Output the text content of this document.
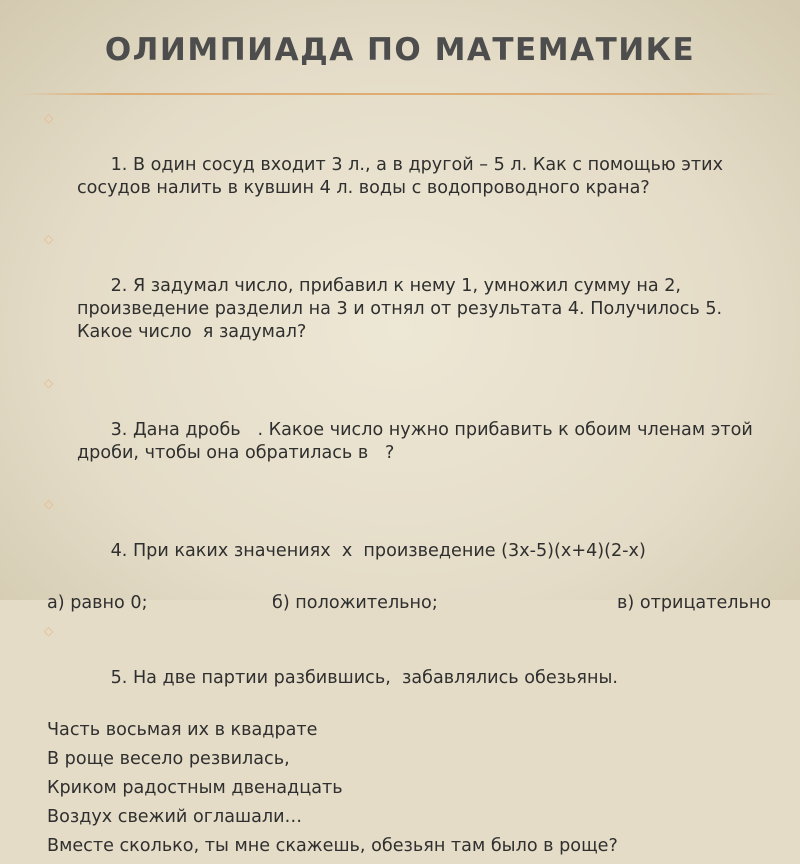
ОЛИМПИАДА ПО МАТЕМАТИКЕ

◇

1. В один сосуд входит 3 л., а в другой – 5 л. Как с помощью этих
сосудов налить в кувшин 4 л. воды с водопроводного крана?

◇

2. Я задумал число, прибавил к нему 1, умножил сумму на 2,
произведение разделил на 3 и отнял от результата 4. Получилось 5.
Какое число  я задумал?

◇

3. Дана дробь   . Какое число нужно прибавить к обоим членам этой
дроби, чтобы она обратилась в   ?

◇

4. При каких значениях  х  произведение (3х-5)(х+4)(2-х)

а) равно 0;	б) положительно;	в) отрицательно

◇

5. На две партии разбившись,  забавлялись обезьяны.

Часть восьмая их в квадрате
В роще весело резвилась,
Криком радостным двенадцать
Воздух свежий оглашали…
Вместе сколько, ты мне скажешь, обезьян там было в роще?
